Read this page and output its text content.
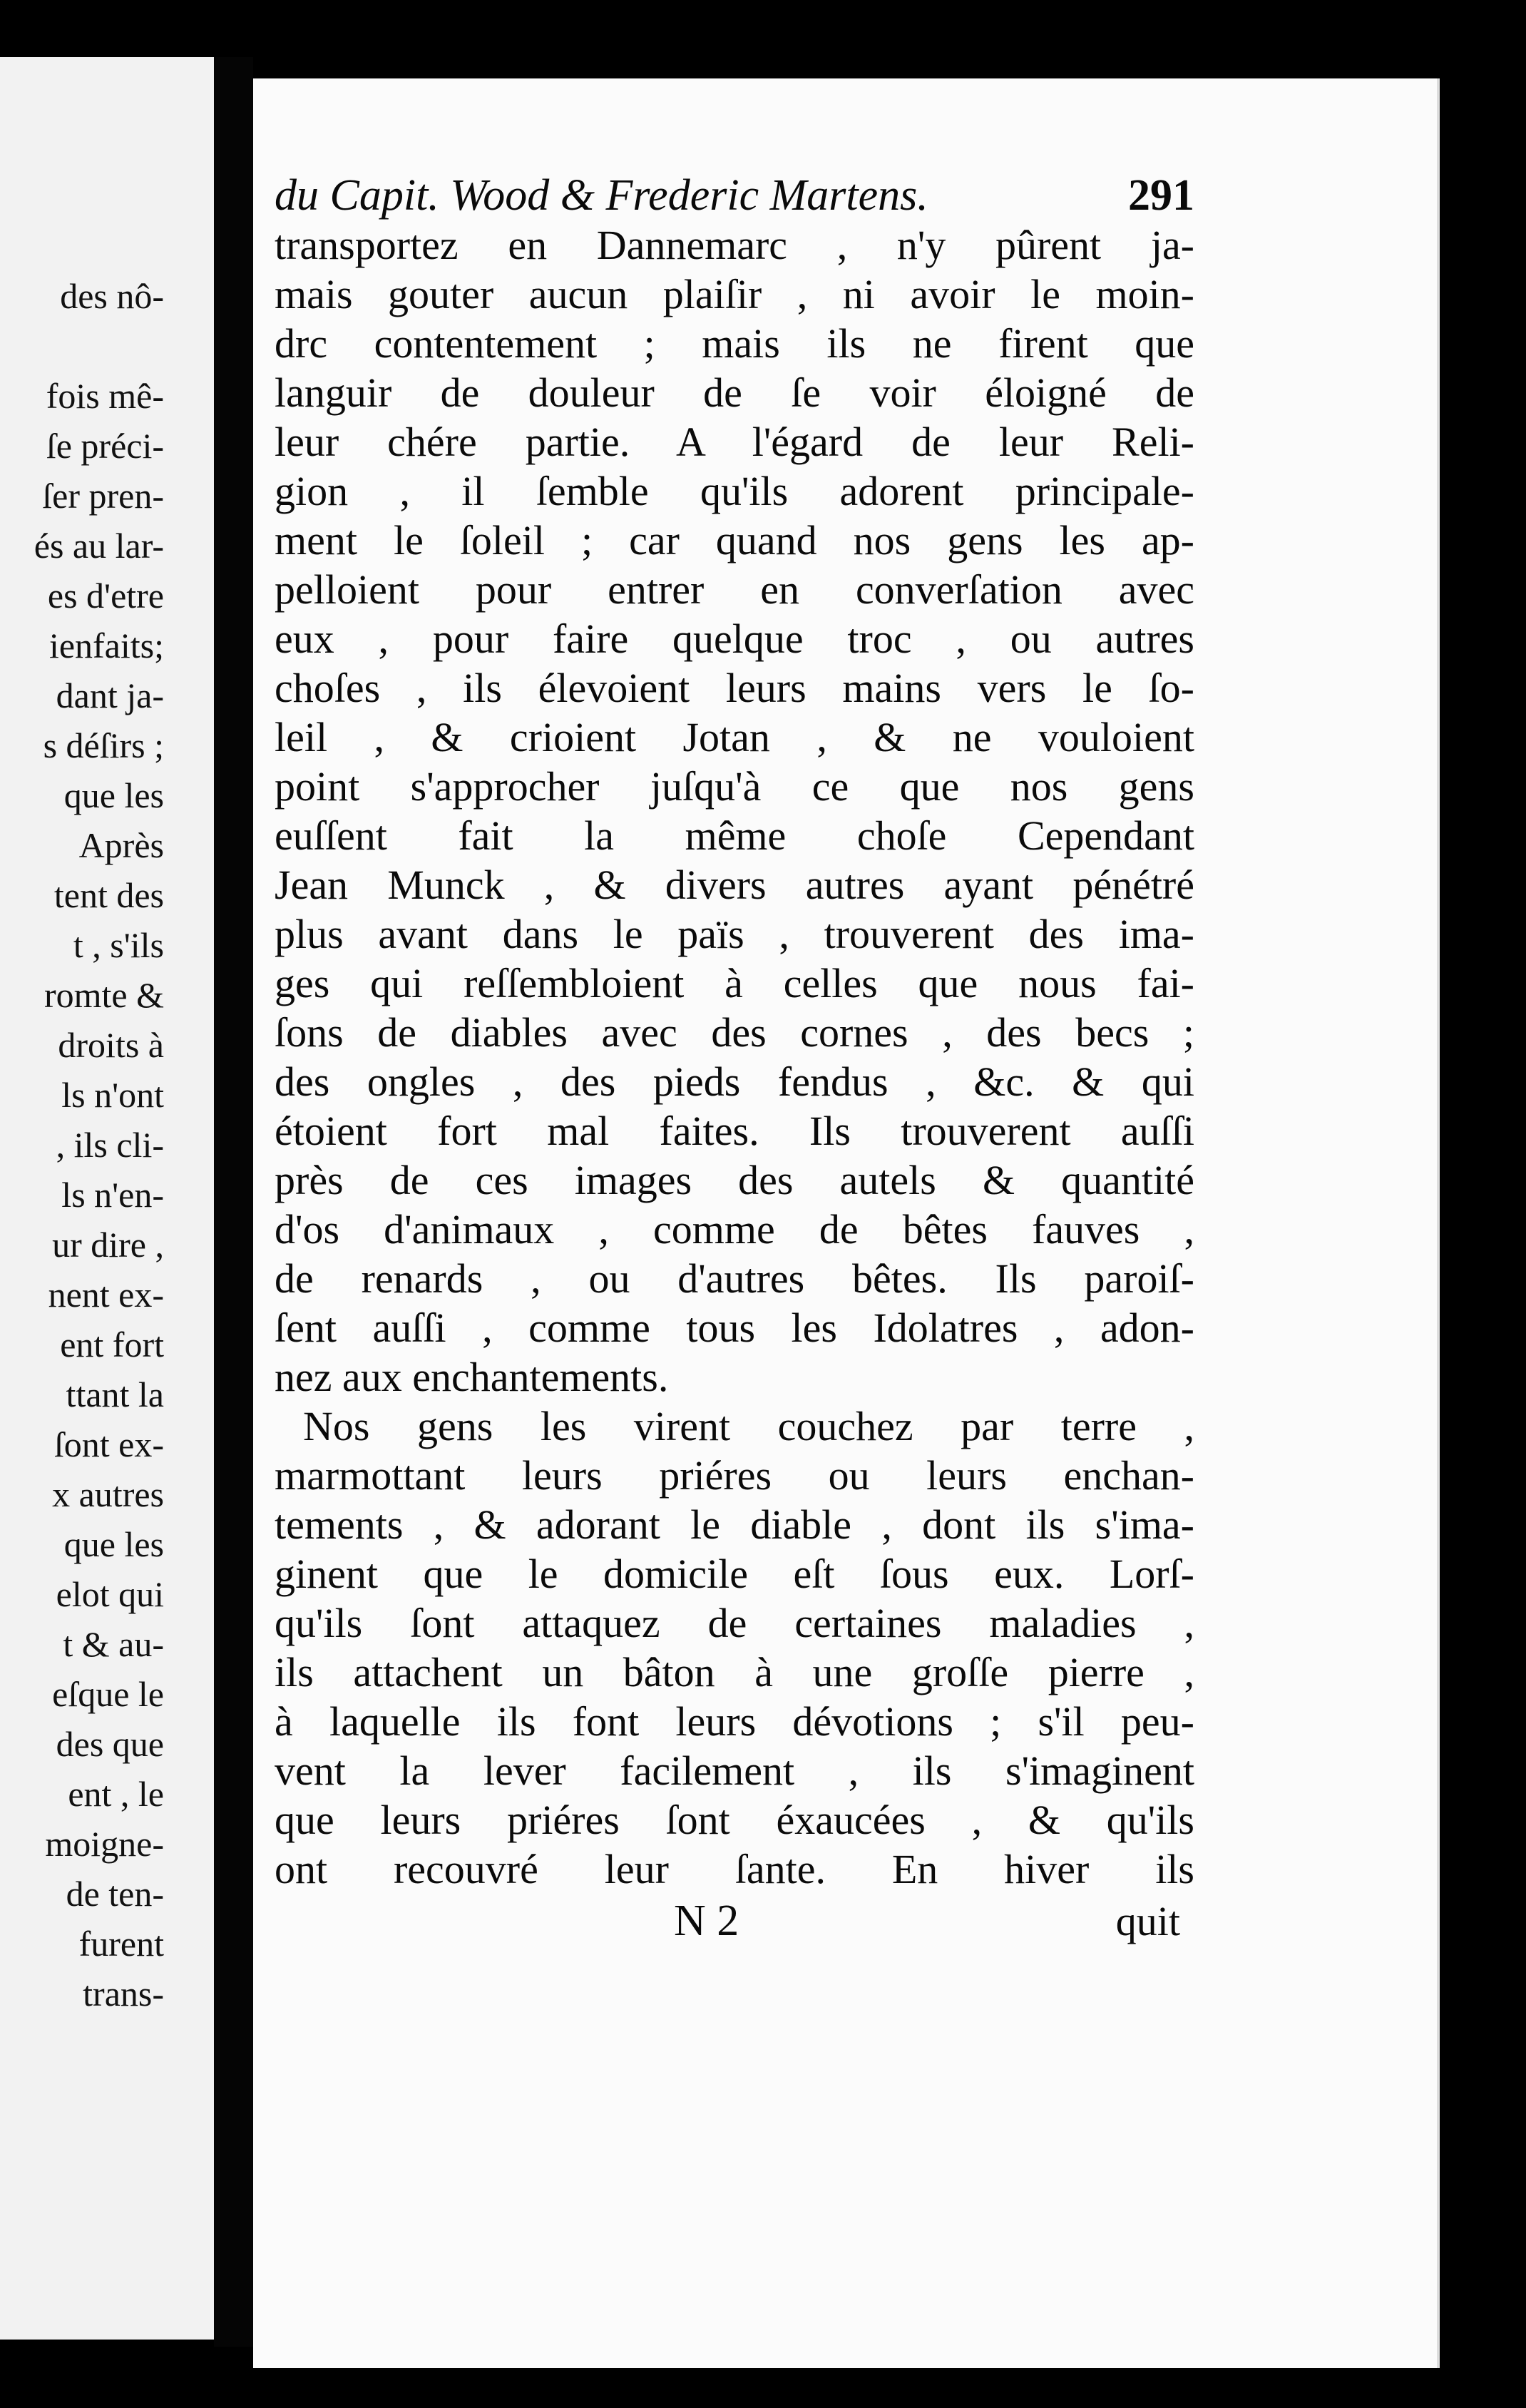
des nô-

fois mê-
ſe préci-
ſer pren-
és au lar-
es d'etre
ienfaits;
dant ja-
s déſirs ;
que les
Après
tent des
t , s'ils
romte &
droits à
ls n'ont
, ils cli-
ls n'en-
ur dire ,
nent ex-
ent fort
ttant la
ſont ex-
x autres
que les
elot qui
t & au-
eſque le
des que
ent , le
moigne-
de ten-
furent
trans-
du Capit. Wood & Frederic Martens.	291
transportez en Dannemarc , n'y pûrent ja-
mais gouter aucun plaiſir , ni avoir le moin-
drc contentement ; mais ils ne firent que
languir de douleur de ſe voir éloigné de
leur chére partie. A l'égard de leur Reli-
gion , il ſemble qu'ils adorent principale-
ment le ſoleil ; car quand nos gens les ap-
pelloient pour entrer en converſation avec
eux , pour faire quelque troc , ou autres
choſes , ils élevoient leurs mains vers le ſo-
leil , & crioient Jotan , & ne vouloient
point s'approcher juſqu'à ce que nos gens
euſſent fait la même choſe Cependant
Jean Munck , & divers autres ayant pénétré
plus avant dans le païs , trouverent des ima-
ges qui reſſembloient à celles que nous fai-
ſons de diables avec des cornes , des becs ;
des ongles , des pieds fendus , &c. & qui
étoient fort mal faites. Ils trouverent auſſi
près de ces images des autels & quantité
d'os d'animaux , comme de bêtes fauves ,
de renards , ou d'autres bêtes. Ils paroiſ-
ſent auſſi , comme tous les Idolatres , adon-
nez aux enchantements.
Nos gens les virent couchez par terre ,
marmottant leurs priéres ou leurs enchan-
tements , & adorant le diable , dont ils s'ima-
ginent que le domicile eſt ſous eux. Lorſ-
qu'ils ſont attaquez de certaines maladies ,
ils attachent un bâton à une groſſe pierre ,
à laquelle ils font leurs dévotions ; s'il peu-
vent la lever facilement , ils s'imaginent
que leurs priéres ſont éxaucées , & qu'ils
ont recouvré leur ſante. En hiver ils
N 2	quit
